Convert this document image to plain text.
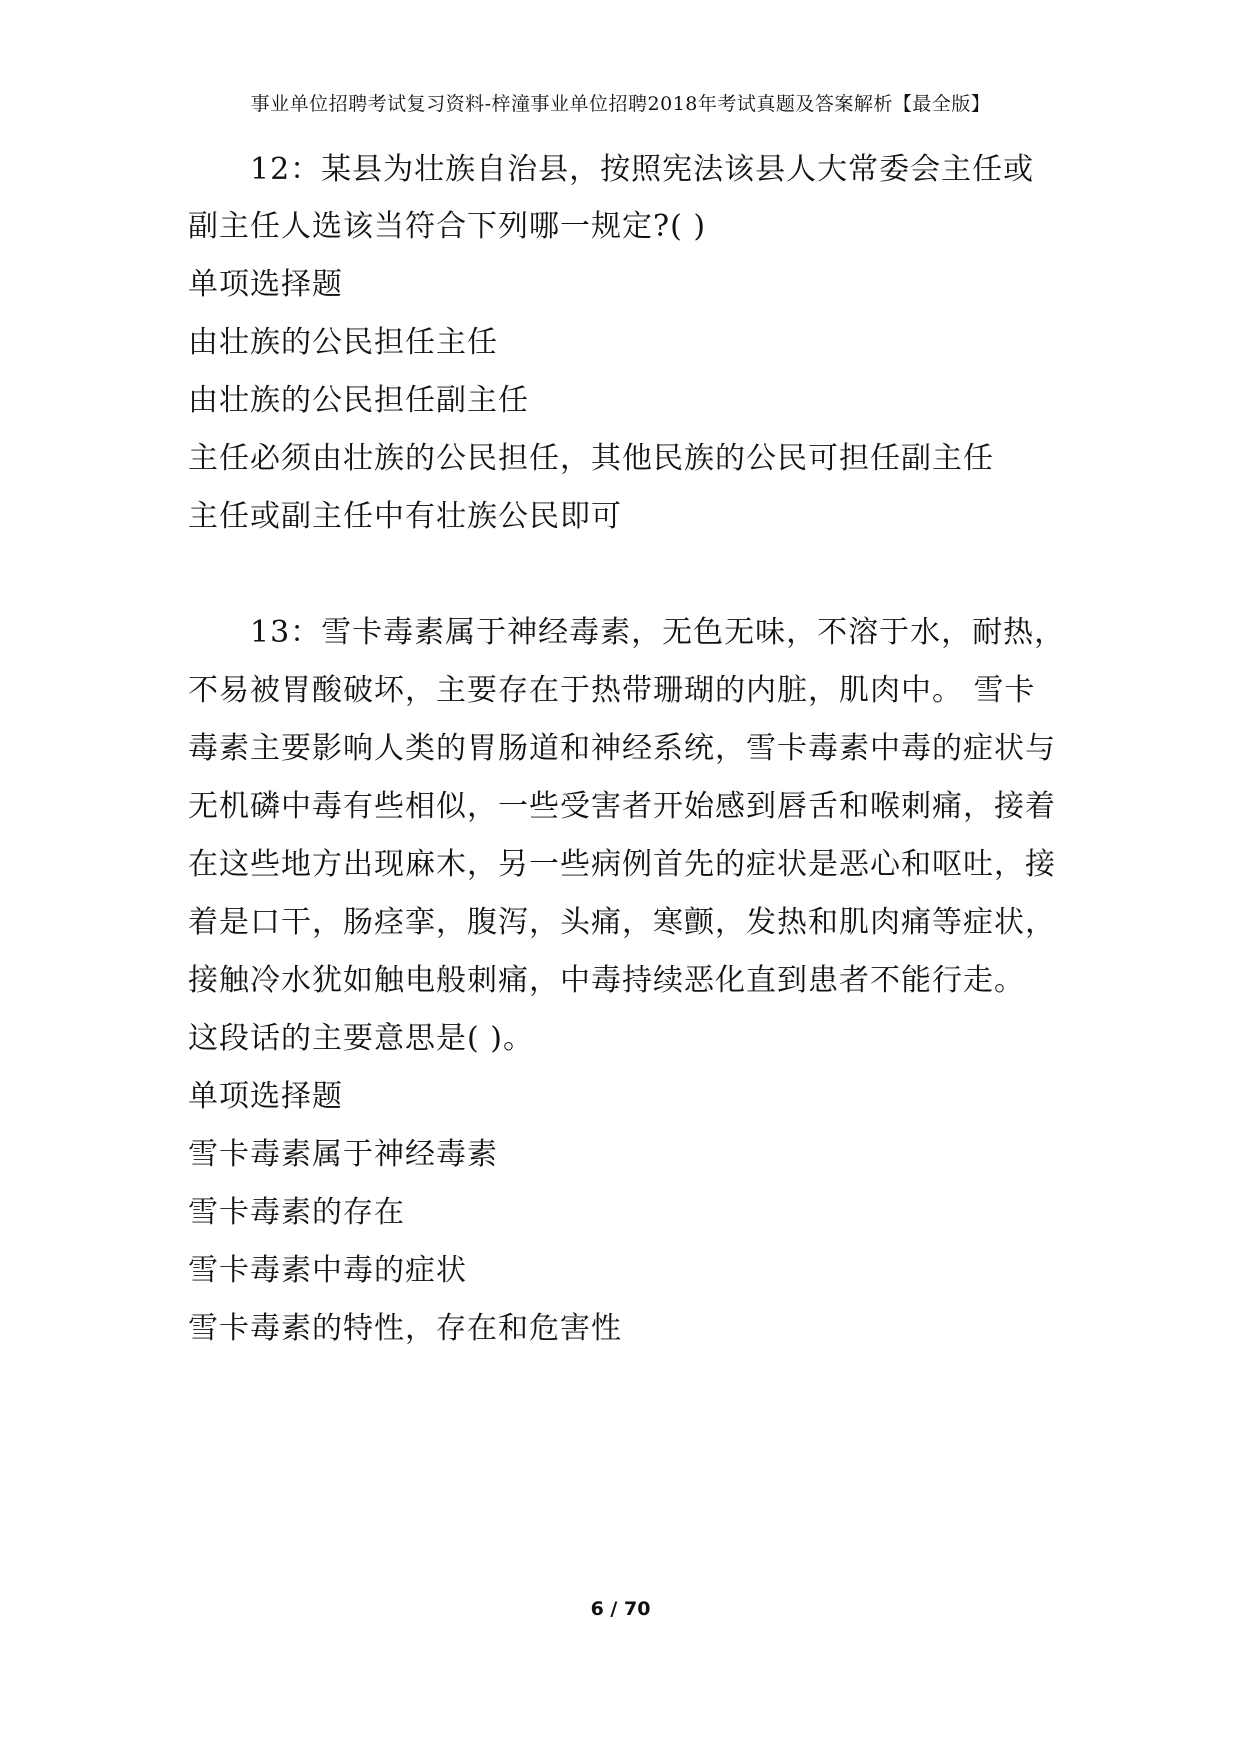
事业单位招聘考试复习资料-梓潼事业单位招聘2018年考试真题及答案解析【最全版】
12：某县为壮族自治县，按照宪法该县人大常委会主任或
副主任人选该当符合下列哪一规定?( )
单项选择题
由壮族的公民担任主任
由壮族的公民担任副主任
主任必须由壮族的公民担任，其他民族的公民可担任副主任
主任或副主任中有壮族公民即可
13：雪卡毒素属于神经毒素，无色无味，不溶于水，耐热，
不易被胃酸破坏，主要存在于热带珊瑚的内脏，肌肉中。 雪卡
毒素主要影响人类的胃肠道和神经系统，雪卡毒素中毒的症状与
无机磷中毒有些相似，一些受害者开始感到唇舌和喉刺痛，接着
在这些地方出现麻木，另一些病例首先的症状是恶心和呕吐，接
着是口干，肠痉挛，腹泻，头痛，寒颤，发热和肌肉痛等症状，
接触冷水犹如触电般刺痛，中毒持续恶化直到患者不能行走。
这段话的主要意思是( )。
单项选择题
雪卡毒素属于神经毒素
雪卡毒素的存在
雪卡毒素中毒的症状
雪卡毒素的特性，存在和危害性
6 / 70
